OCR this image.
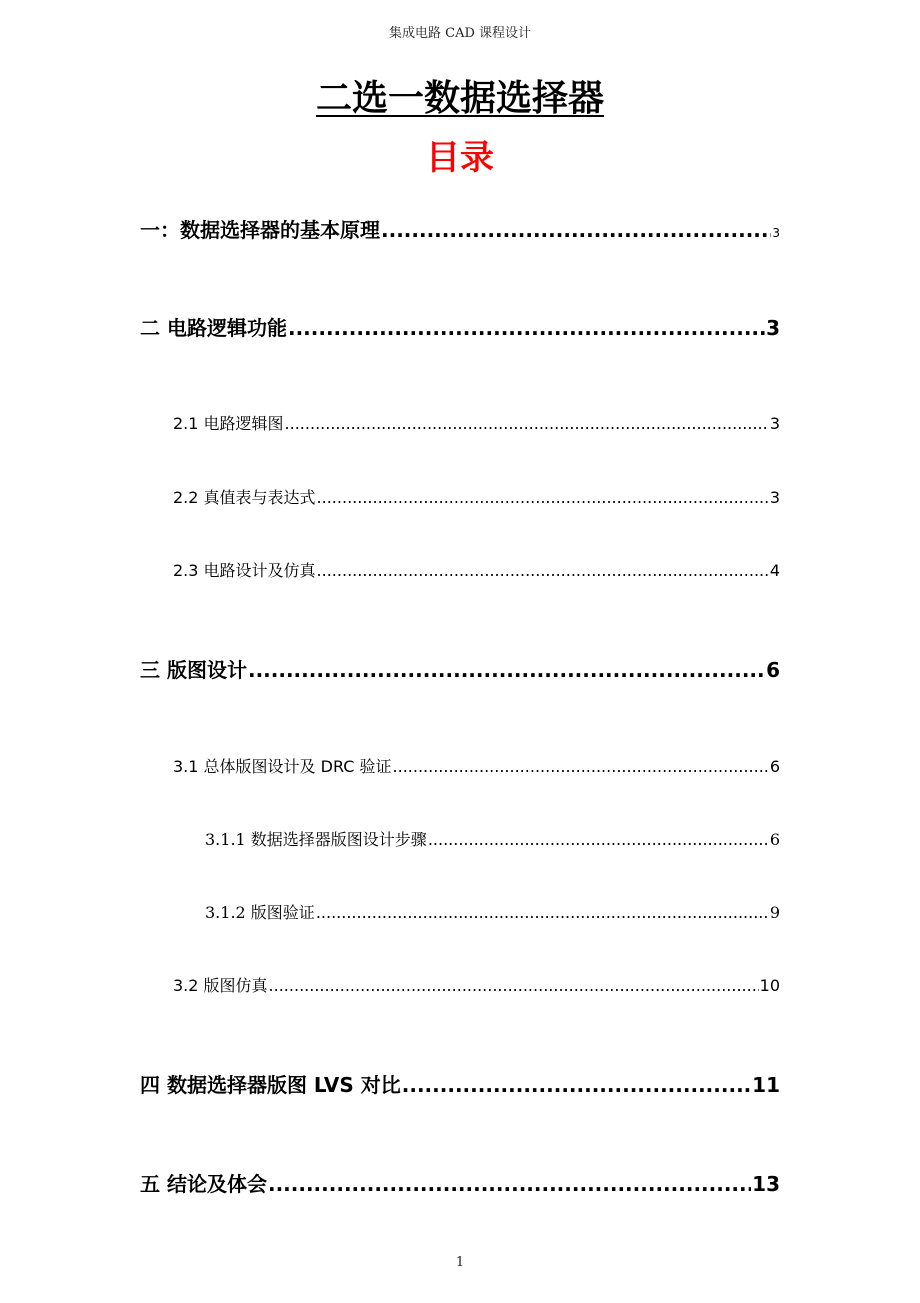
集成电路 CAD 课程设计
二选一数据选择器
目录
一：数据选择器的基本原理 .....	3
二 电路逻辑功能 .....	3
2.1 电路逻辑图 .....	3
2.2 真值表与表达式 .....	3
2.3 电路设计及仿真 .....	4
三 版图设计 .....	6
3.1 总体版图设计及 DRC 验证 .....	6
3.1.1 数据选择器版图设计步骤 .....	6
3.1.2 版图验证 .....	9
3.2 版图仿真 .....	10
四 数据选择器版图 LVS 对比 .....	11
五 结论及体会 .....	13
1
